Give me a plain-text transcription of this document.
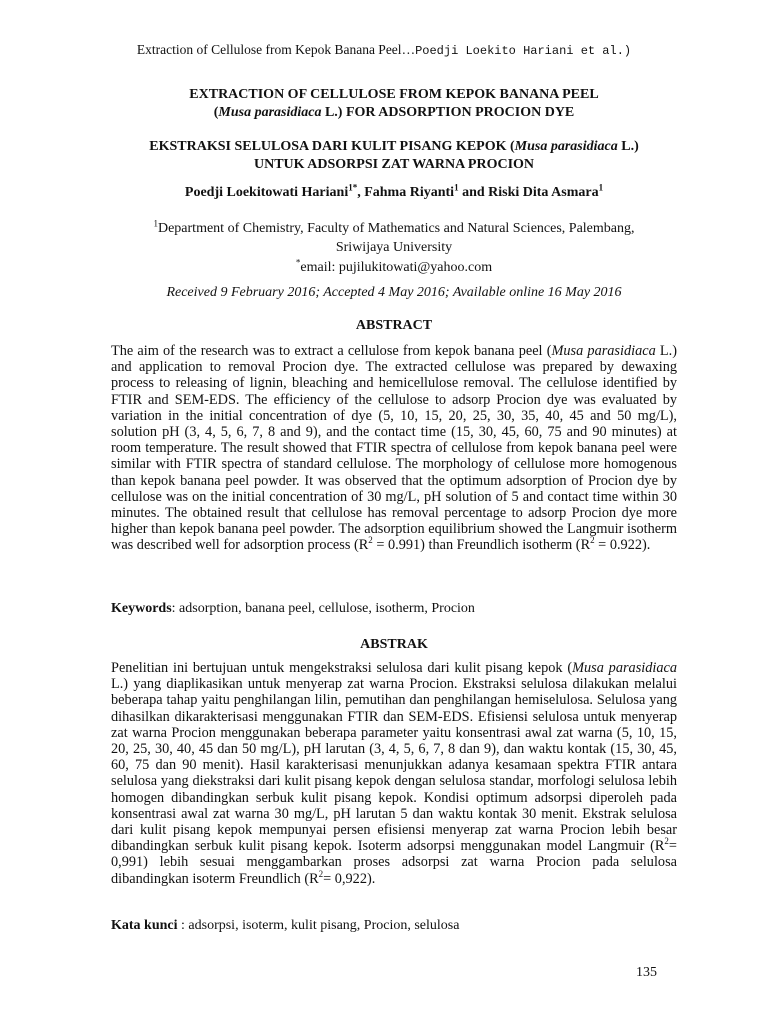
Extraction of Cellulose from Kepok Banana Peel…Poedji Loekito Hariani et al.)
EXTRACTION OF CELLULOSE FROM KEPOK BANANA PEEL
(Musa parasidiaca L.) FOR ADSORPTION PROCION DYE
EKSTRAKSI SELULOSA DARI KULIT PISANG KEPOK (Musa parasidiaca L.)
UNTUK ADSORPSI ZAT WARNA PROCION
Poedji Loekitowati Hariani$^{1*}$, Fahma Riyanti$^1$ and Riski Dita Asmara$^1$
$^1$Department of Chemistry, Faculty of Mathematics and Natural Sciences, Palembang,
Sriwijaya University
*email: pujilukitowati@yahoo.com
Received 9 February 2016; Accepted 4 May 2016; Available online 16 May 2016
ABSTRACT

The aim of the research was to extract a cellulose from kepok banana peel (Musa parasidiaca L.) and application to removal Procion dye. The extracted cellulose was prepared by dewaxing process to releasing of lignin, bleaching and hemicellulose removal. The cellulose identified by FTIR and SEM-EDS. The efficiency of the cellulose to adsorp Procion dye was evaluated by variation in the initial concentration of dye (5, 10, 15, 20, 25, 30, 35, 40, 45 and 50 mg/L), solution pH (3, 4, 5, 6, 7, 8 and 9), and the contact time (15, 30, 45, 60, 75 and 90 minutes) at room temperature. The result showed that FTIR spectra of cellulose from kepok banana peel were similar with FTIR spectra of standard cellulose. The morphology of cellulose more homogenous than kepok banana peel powder. It was observed that the optimum adsorption of Procion dye by cellulose was on the initial concentration of 30 mg/L, pH solution of 5 and contact time within 30 minutes. The obtained result that cellulose has removal percentage to adsorp Procion dye more higher than kepok banana peel powder. The adsorption equilibrium showed the Langmuir isotherm was described well for adsorption process $(R^2 = 0.991)$ than Freundlich isotherm $(R^2 = 0.922)$.

Keywords: adsorption, banana peel, cellulose, isotherm, Procion
ABSTRAK

Penelitian ini bertujuan untuk mengekstraksi selulosa dari kulit pisang kepok (Musa parasidiaca L.) yang diaplikasikan untuk menyerap zat warna Procion. Ekstraksi selulosa dilakukan melalui beberapa tahap yaitu penghilangan lilin, pemutihan dan penghilangan hemiselulosa. Selulosa yang dihasilkan dikarakterisasi menggunakan FTIR dan SEM-EDS. Efisiensi selulosa untuk menyerap zat warna Procion menggunakan beberapa parameter yaitu konsentrasi awal zat warna (5, 10, 15, 20, 25, 30, 40, 45 dan 50 mg/L), pH larutan (3, 4, 5, 6, 7, 8 dan 9), dan waktu kontak (15, 30, 45, 60, 75 dan 90 menit). Hasil karakterisasi menunjukkan adanya kesamaan spektra FTIR antara selulosa yang diekstraksi dari kulit pisang kepok dengan selulosa standar, morfologi selulosa lebih homogen dibandingkan serbuk kulit pisang kepok. Kondisi optimum adsorpsi diperoleh pada konsentrasi awal zat warna 30 mg/L, pH larutan 5 dan waktu kontak 30 menit. Ekstrak selulosa dari kulit pisang kepok mempunyai persen efisiensi menyerap zat warna Procion lebih besar dibandingkan serbuk kulit pisang kepok. Isoterm adsorpsi menggunakan model Langmuir $(R^2= 0,991)$ lebih sesuai menggambarkan proses adsorpsi zat warna Procion pada selulosa dibandingkan isoterm Freundlich $(R^2= 0,922)$.

Kata kunci : adsorpsi, isoterm, kulit pisang, Procion, selulosa
135
